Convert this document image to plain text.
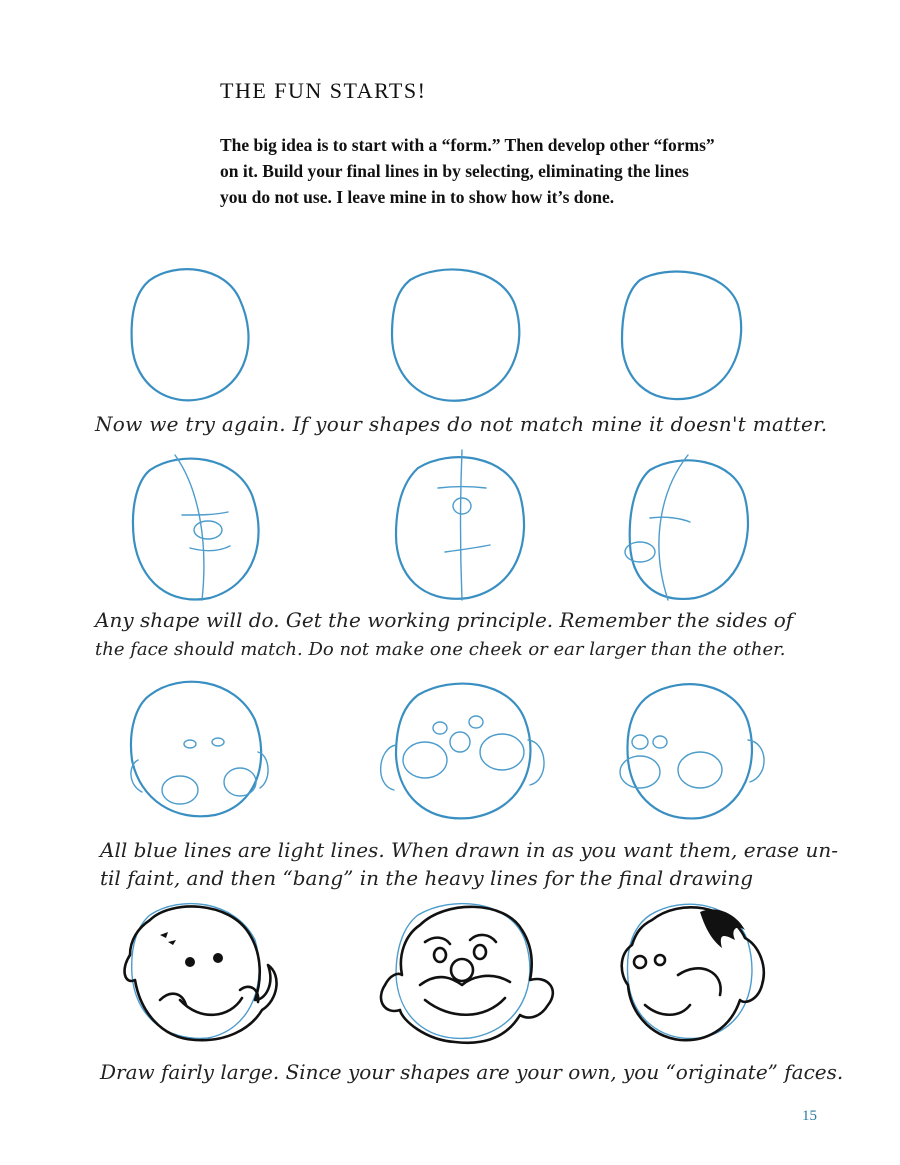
THE FUN STARTS!

The big idea is to start with a “form.” Then develop other “forms”
on it. Build your final lines in by selecting, eliminating the lines
you do not use. I leave mine in to show how it’s done.

Now we try again. If your shapes do not match mine it doesn't matter.

Any shape will do. Get the working principle. Remember the sides of
the face should match. Do not make one cheek or ear larger than the other.

All blue lines are light lines. When drawn in as you want them, erase un-
til faint, and then “bang” in the heavy lines for the final drawing

Draw fairly large. Since your shapes are your own, you “originate” faces.

15
